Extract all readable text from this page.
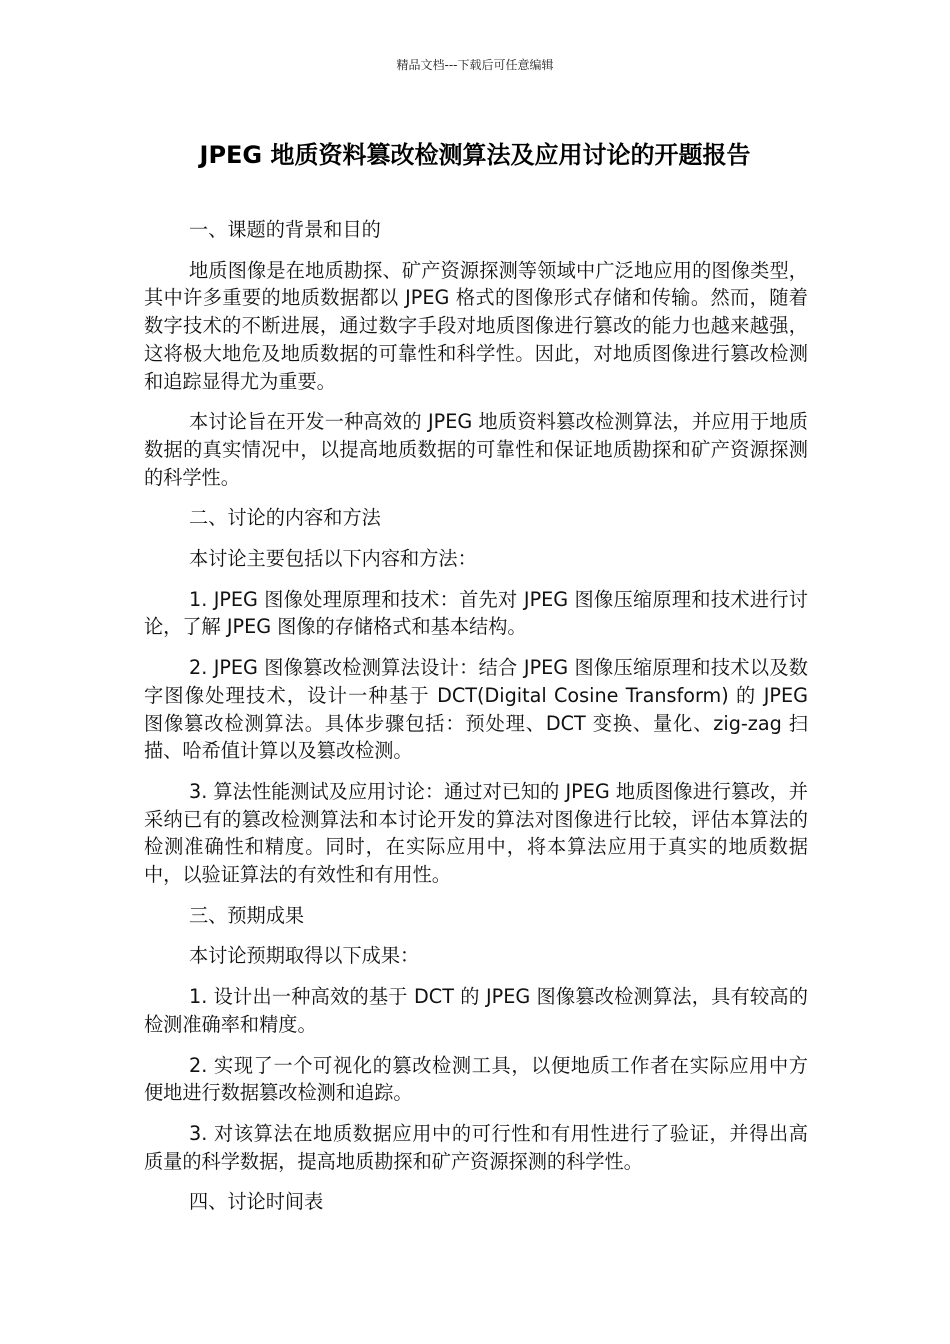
精品文档---下载后可任意编辑
JPEG 地质资料篡改检测算法及应用讨论的开题报告

一、课题的背景和目的

地质图像是在地质勘探、矿产资源探测等领域中广泛地应用的图像类型，其中许多重要的地质数据都以 JPEG 格式的图像形式存储和传输。然而，随着数字技术的不断进展，通过数字手段对地质图像进行篡改的能力也越来越强，这将极大地危及地质数据的可靠性和科学性。因此，对地质图像进行篡改检测和追踪显得尤为重要。

本讨论旨在开发一种高效的 JPEG 地质资料篡改检测算法，并应用于地质数据的真实情况中，以提高地质数据的可靠性和保证地质勘探和矿产资源探测的科学性。

二、讨论的内容和方法

本讨论主要包括以下内容和方法：

1. JPEG 图像处理原理和技术：首先对 JPEG 图像压缩原理和技术进行讨论，了解 JPEG 图像的存储格式和基本结构。

2. JPEG 图像篡改检测算法设计：结合 JPEG 图像压缩原理和技术以及数字图像处理技术，设计一种基于 DCT(Digital Cosine Transform) 的 JPEG 图像篡改检测算法。具体步骤包括：预处理、DCT 变换、量化、zig-zag 扫描、哈希值计算以及篡改检测。

3. 算法性能测试及应用讨论：通过对已知的 JPEG 地质图像进行篡改，并采纳已有的篡改检测算法和本讨论开发的算法对图像进行比较，评估本算法的检测准确性和精度。同时，在实际应用中，将本算法应用于真实的地质数据中，以验证算法的有效性和有用性。

三、预期成果

本讨论预期取得以下成果：

1. 设计出一种高效的基于 DCT 的 JPEG 图像篡改检测算法，具有较高的检测准确率和精度。

2. 实现了一个可视化的篡改检测工具，以便地质工作者在实际应用中方便地进行数据篡改检测和追踪。

3. 对该算法在地质数据应用中的可行性和有用性进行了验证，并得出高质量的科学数据，提高地质勘探和矿产资源探测的科学性。

四、讨论时间表
